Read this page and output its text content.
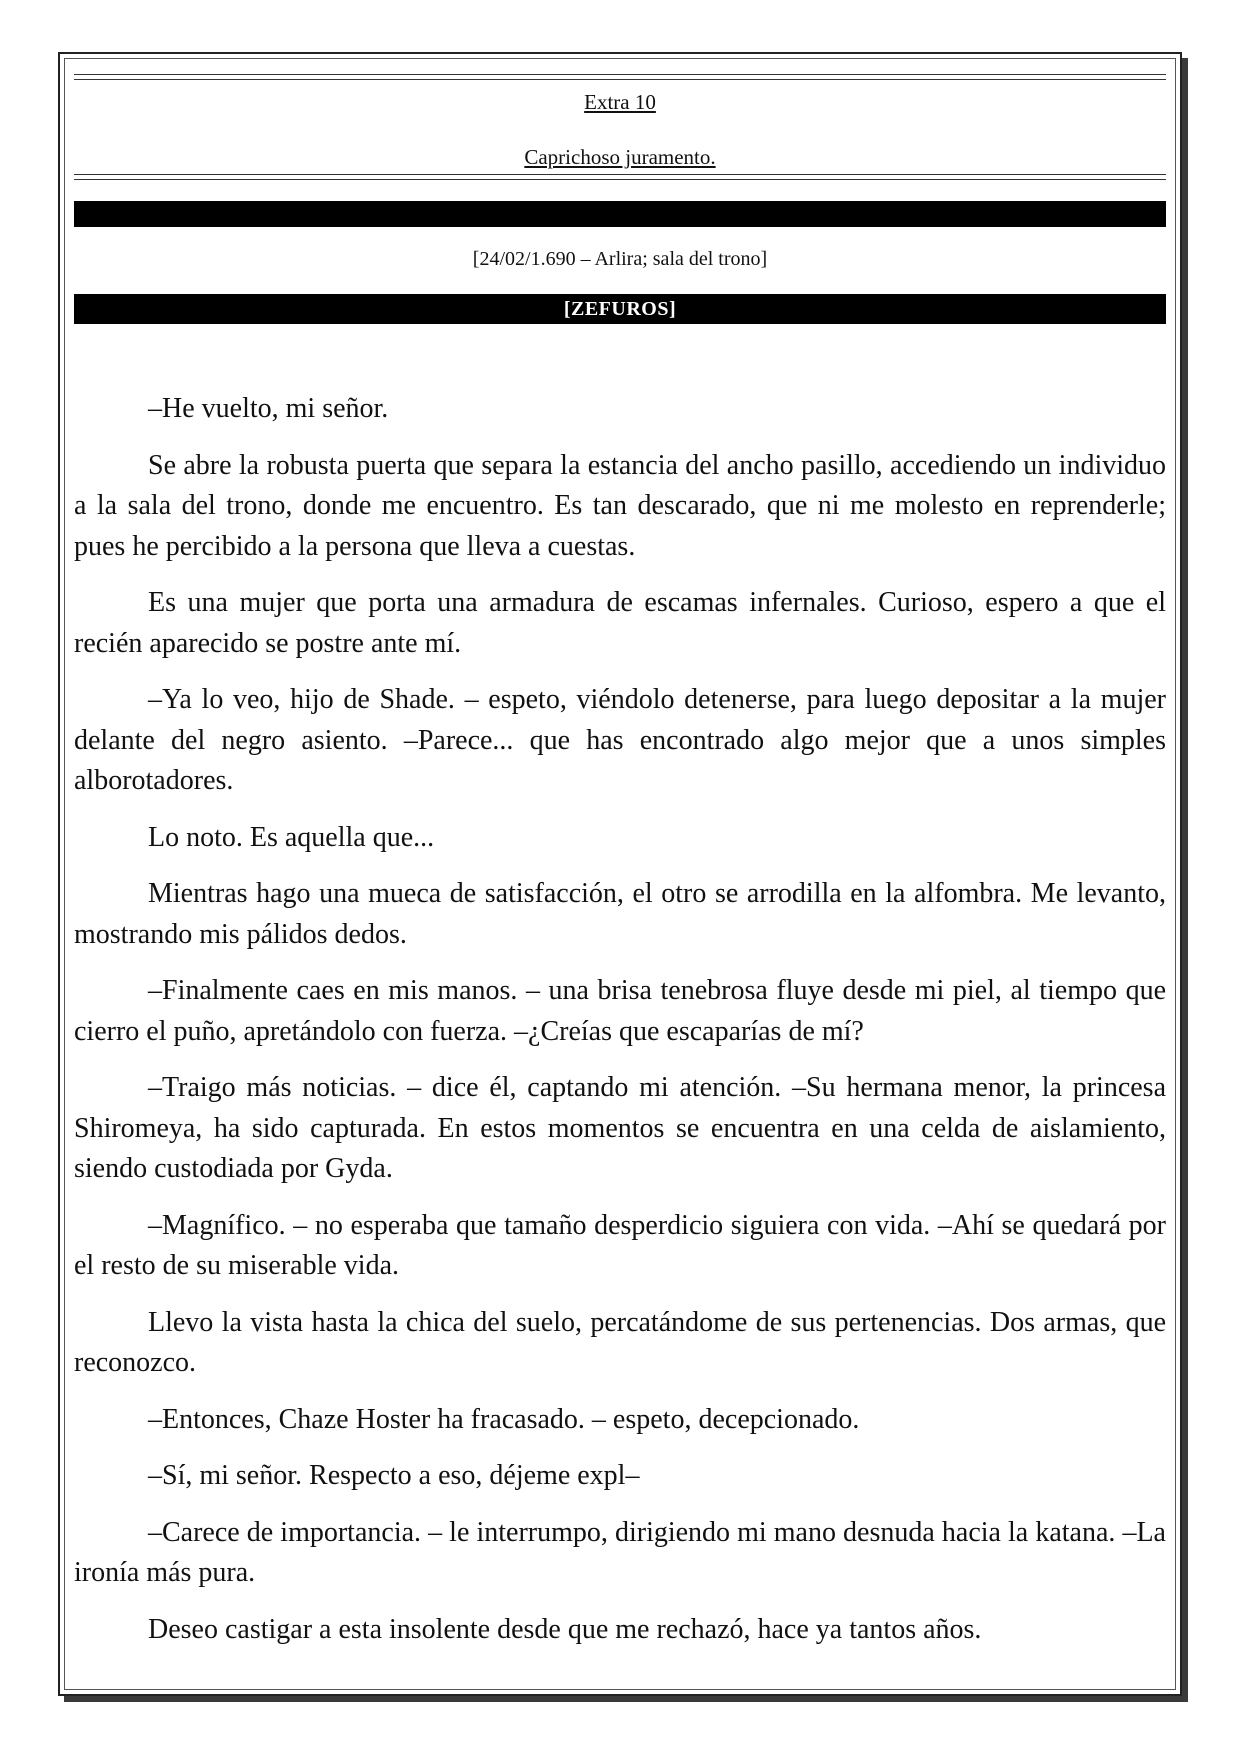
Extra 10
Caprichoso juramento.
[24/02/1.690 – Arlira; sala del trono]
[ZEFUROS]

–He vuelto, mi señor.

Se abre la robusta puerta que separa la estancia del ancho pasillo, accediendo un individuo a la sala del trono, donde me encuentro. Es tan descarado, que ni me molesto en reprenderle; pues he percibido a la persona que lleva a cuestas.

Es una mujer que porta una armadura de escamas infernales. Curioso, espero a que el recién aparecido se postre ante mí.

–Ya lo veo, hijo de Shade. – espeto, viéndolo detenerse, para luego depositar a la mujer delante del negro asiento. –Parece... que has encontrado algo mejor que a unos simples alborotadores.

Lo noto. Es aquella que...

Mientras hago una mueca de satisfacción, el otro se arrodilla en la alfombra. Me levanto, mostrando mis pálidos dedos.

–Finalmente caes en mis manos. – una brisa tenebrosa fluye desde mi piel, al tiempo que cierro el puño, apretándolo con fuerza. –¿Creías que escaparías de mí?

–Traigo más noticias. – dice él, captando mi atención. –Su hermana menor, la princesa Shiromeya, ha sido capturada. En estos momentos se encuentra en una celda de aislamiento, siendo custodiada por Gyda.

–Magnífico. – no esperaba que tamaño desperdicio siguiera con vida. –Ahí se quedará por el resto de su miserable vida.

Llevo la vista hasta la chica del suelo, percatándome de sus pertenencias. Dos armas, que reconozco.

–Entonces, Chaze Hoster ha fracasado. – espeto, decepcionado.

–Sí, mi señor. Respecto a eso, déjeme expl–

–Carece de importancia. – le interrumpo, dirigiendo mi mano desnuda hacia la katana. –La ironía más pura.

Deseo castigar a esta insolente desde que me rechazó, hace ya tantos años.
